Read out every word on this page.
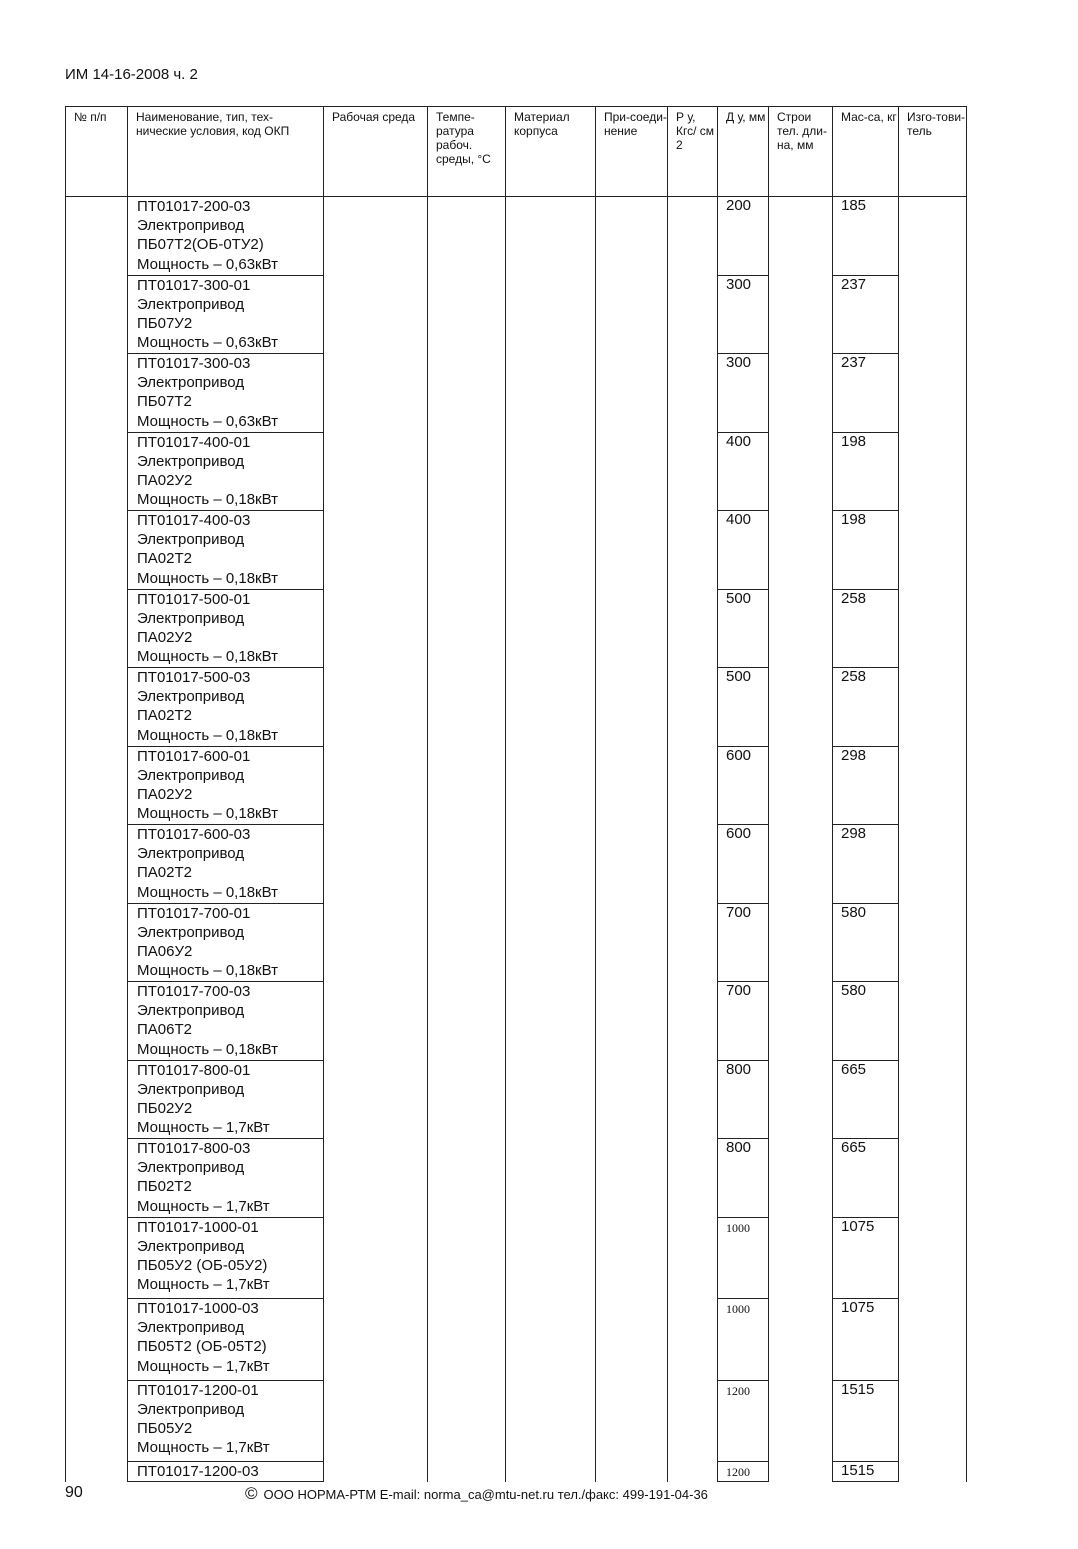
ИМ 14-16-2008 ч. 2
№ п/п	Наименование, тип, тех-нические условия, код ОКП	Рабочая среда	Темпе-ратура рабоч. среды, °С	Материал корпуса	При-соеди-нение	Р у, Кгс/ см 2	Д у, мм	Строи тел. дли-на, мм	Мас-са, кг	Изго-тови-тель

	ПТ01017-200-03
Электропривод
ПБ07Т2(ОБ-0ТУ2)
Мощность – 0,63кВт						200		185	

	ПТ01017-300-01
Электропривод
ПБ07У2
Мощность – 0,63кВт						300		237	

	ПТ01017-300-03
Электропривод
ПБ07Т2
Мощность – 0,63кВт						300		237	

	ПТ01017-400-01
Электропривод
ПА02У2
Мощность – 0,18кВт						400		198	

	ПТ01017-400-03
Электропривод
ПА02Т2
Мощность – 0,18кВт						400		198	

	ПТ01017-500-01
Электропривод
ПА02У2
Мощность – 0,18кВт						500		258	

	ПТ01017-500-03
Электропривод
ПА02Т2
Мощность – 0,18кВт						500		258	

	ПТ01017-600-01
Электропривод
ПА02У2
Мощность – 0,18кВт						600		298	

	ПТ01017-600-03
Электропривод
ПА02Т2
Мощность – 0,18кВт						600		298	

	ПТ01017-700-01
Электропривод
ПА06У2
Мощность – 0,18кВт						700		580	

	ПТ01017-700-03
Электропривод
ПА06Т2
Мощность – 0,18кВт						700		580	

	ПТ01017-800-01
Электропривод
ПБ02У2
Мощность – 1,7кВт						800		665	

	ПТ01017-800-03
Электропривод
ПБ02Т2
Мощность – 1,7кВт						800		665	

	ПТ01017-1000-01
Электропривод
ПБ05У2 (ОБ-05У2)
Мощность – 1,7кВт						1000		1075	

	ПТ01017-1000-03
Электропривод
ПБ05Т2 (ОБ-05Т2)
Мощность – 1,7кВт						1000		1075	

	ПТ01017-1200-01
Электропривод
ПБ05У2
Мощность – 1,7кВт						1200		1515	

	ПТ01017-1200-03						1200		1515	
90	© ООО НОРМА-РТМ E-mail: norma_ca@mtu-net.ru тел./факс: 499-191-04-36
